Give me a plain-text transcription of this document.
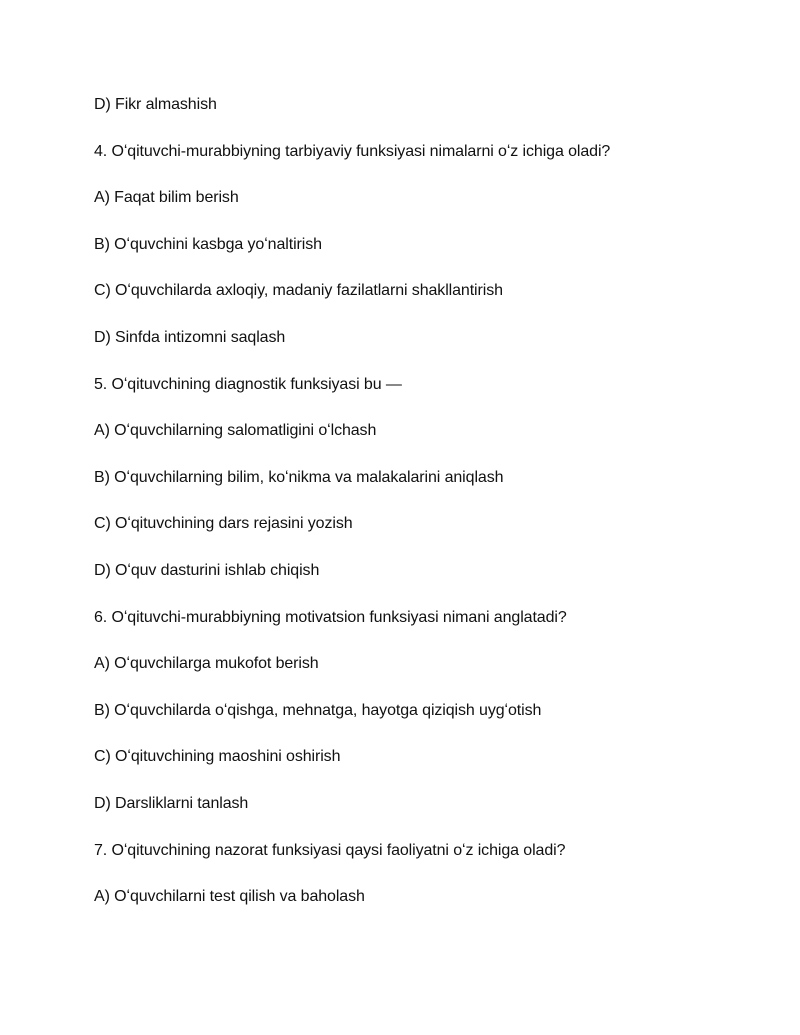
D) Fikr almashish
4. Oʻqituvchi-murabbiyning tarbiyaviy funksiyasi nimalarni oʻz ichiga oladi?
A) Faqat bilim berish
B) Oʻquvchini kasbga yoʻnaltirish
C) Oʻquvchilarda axloqiy, madaniy fazilatlarni shakllantirish
D) Sinfda intizomni saqlash
5. Oʻqituvchining diagnostik funksiyasi bu —
A) Oʻquvchilarning salomatligini oʻlchash
B) Oʻquvchilarning bilim, koʻnikma va malakalarini aniqlash
C) Oʻqituvchining dars rejasini yozish
D) Oʻquv dasturini ishlab chiqish
6. Oʻqituvchi-murabbiyning motivatsion funksiyasi nimani anglatadi?
A) Oʻquvchilarga mukofot berish
B) Oʻquvchilarda oʻqishga, mehnatga, hayotga qiziqish uygʻotish
C) Oʻqituvchining maoshini oshirish
D) Darsliklarni tanlash
7. Oʻqituvchining nazorat funksiyasi qaysi faoliyatni oʻz ichiga oladi?
A) Oʻquvchilarni test qilish va baholash
